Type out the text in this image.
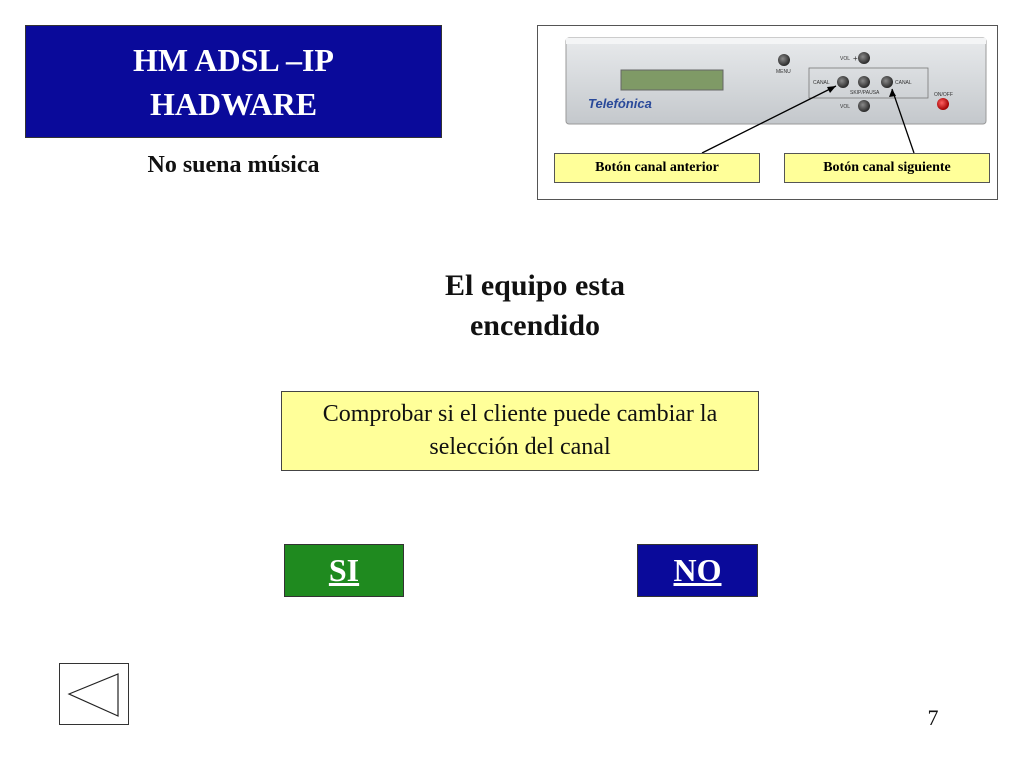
HM ADSL –IP
HADWARE
No suena música
Telefónica
MENU
VOL +
CANAL	CANAL
SKIP/PAUSA
VOL
ON/OFF
Botón canal anterior	Botón canal siguiente
El equipo esta encendido
Comprobar si el cliente puede cambiar la selección del canal
SI	NO
7
